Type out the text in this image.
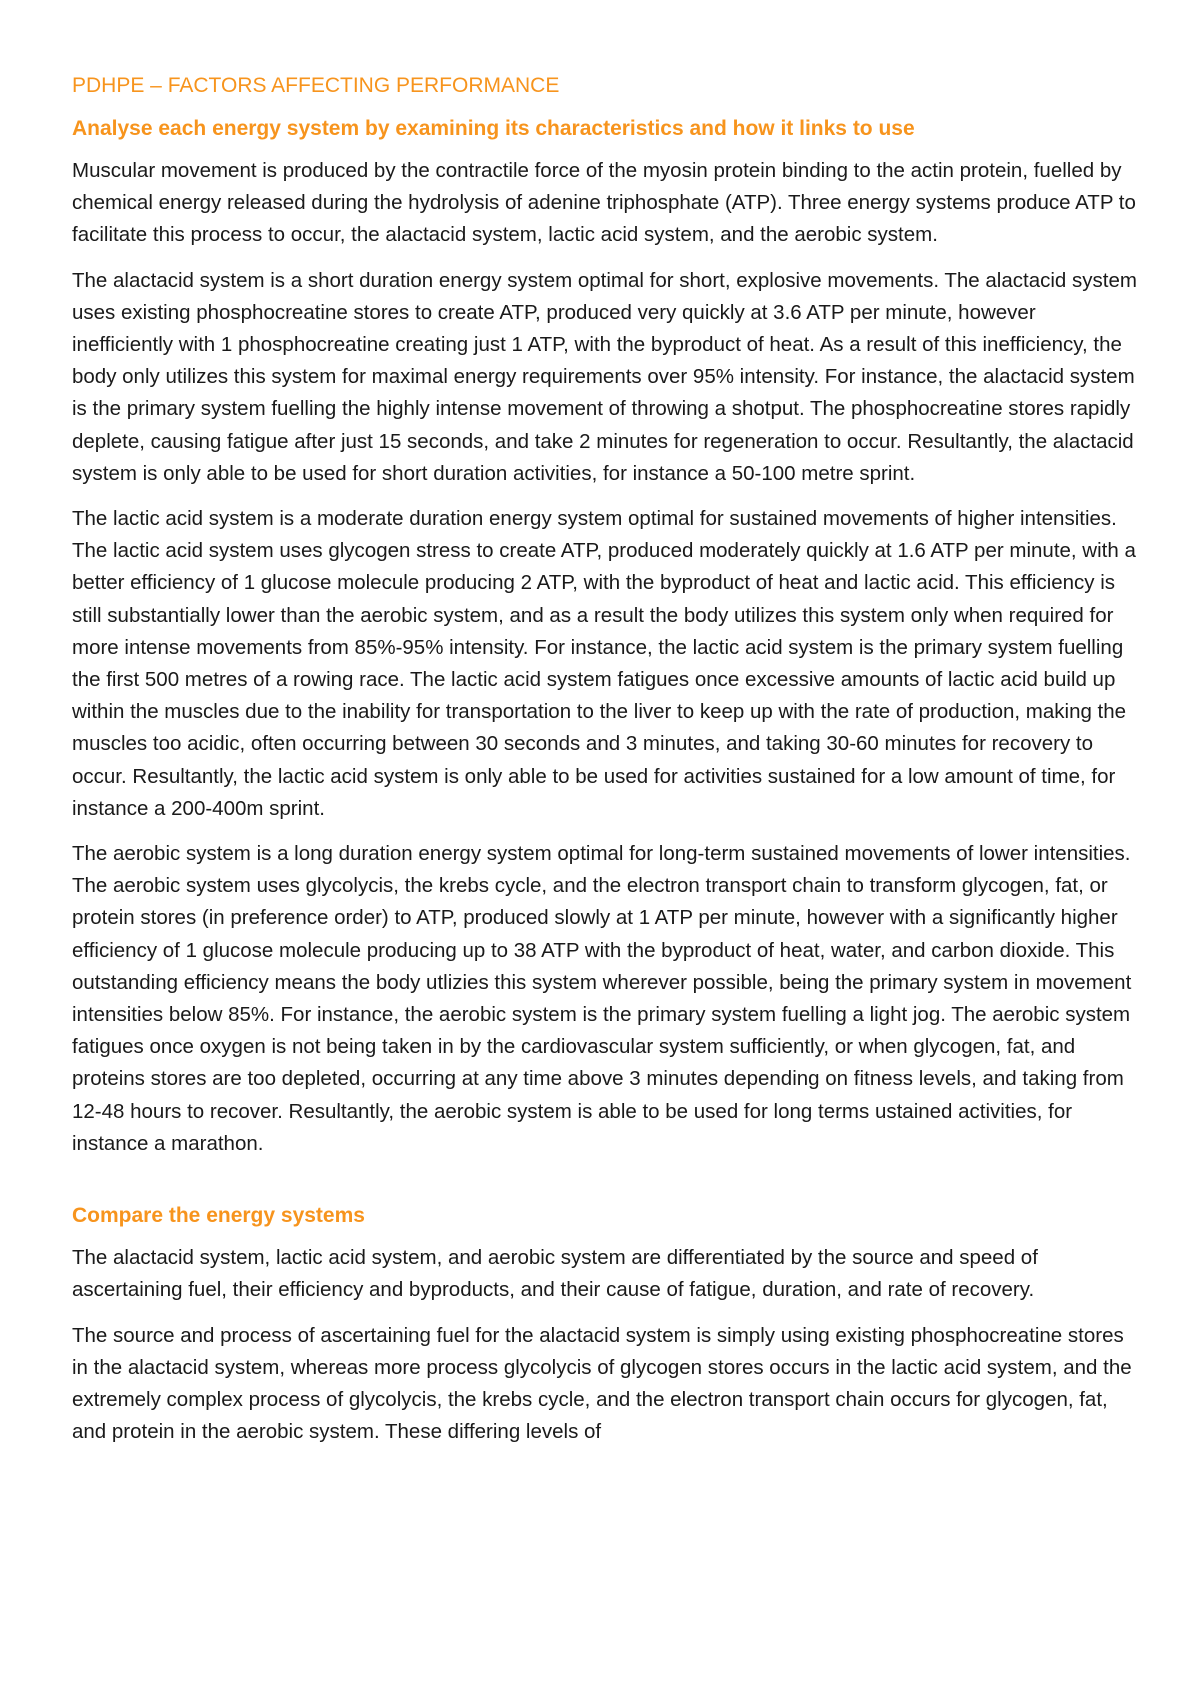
PDHPE – FACTORS AFFECTING PERFORMANCE
Analyse each energy system by examining its characteristics and how it links to use

Muscular movement is produced by the contractile force of the myosin protein binding to the actin protein, fuelled by chemical energy released during the hydrolysis of adenine triphosphate (ATP). Three energy systems produce ATP to facilitate this process to occur, the alactacid system, lactic acid system, and the aerobic system.

The alactacid system is a short duration energy system optimal for short, explosive movements. The alactacid system uses existing phosphocreatine stores to create ATP, produced very quickly at 3.6 ATP per minute, however inefficiently with 1 phosphocreatine creating just 1 ATP, with the byproduct of heat. As a result of this inefficiency, the body only utilizes this system for maximal energy requirements over 95% intensity. For instance, the alactacid system is the primary system fuelling the highly intense movement of throwing a shotput. The phosphocreatine stores rapidly deplete, causing fatigue after just 15 seconds, and take 2 minutes for regeneration to occur. Resultantly, the alactacid system is only able to be used for short duration activities, for instance a 50-100 metre sprint.

The lactic acid system is a moderate duration energy system optimal for sustained movements of higher intensities. The lactic acid system uses glycogen stress to create ATP, produced moderately quickly at 1.6 ATP per minute, with a better efficiency of 1 glucose molecule producing 2 ATP, with the byproduct of heat and lactic acid. This efficiency is still substantially lower than the aerobic system, and as a result the body utilizes this system only when required for more intense movements from 85%-95% intensity. For instance, the lactic acid system is the primary system fuelling the first 500 metres of a rowing race. The lactic acid system fatigues once excessive amounts of lactic acid build up within the muscles due to the inability for transportation to the liver to keep up with the rate of production, making the muscles too acidic, often occurring between 30 seconds and 3 minutes, and taking 30-60 minutes for recovery to occur. Resultantly, the lactic acid system is only able to be used for activities sustained for a low amount of time, for instance a 200-400m sprint.

The aerobic system is a long duration energy system optimal for long-term sustained movements of lower intensities. The aerobic system uses glycolycis, the krebs cycle, and the electron transport chain to transform glycogen, fat, or protein stores (in preference order) to ATP, produced slowly at 1 ATP per minute, however with a significantly higher efficiency of 1 glucose molecule producing up to 38 ATP with the byproduct of heat, water, and carbon dioxide. This outstanding efficiency means the body utlizies this system wherever possible, being the primary system in movement intensities below 85%. For instance, the aerobic system is the primary system fuelling a light jog. The aerobic system fatigues once oxygen is not being taken in by the cardiovascular system sufficiently, or when glycogen, fat, and proteins stores are too depleted, occurring at any time above 3 minutes depending on fitness levels, and taking from 12-48 hours to recover. Resultantly, the aerobic system is able to be used for long terms ustained activities, for instance a marathon.

Compare the energy systems

The alactacid system, lactic acid system, and aerobic system are differentiated by the source and speed of ascertaining fuel, their efficiency and byproducts, and their cause of fatigue, duration, and rate of recovery.

The source and process of ascertaining fuel for the alactacid system is simply using existing phosphocreatine stores in the alactacid system, whereas more process glycolycis of glycogen stores occurs in the lactic acid system, and the extremely complex process of glycolycis, the krebs cycle, and the electron transport chain occurs for glycogen, fat, and protein in the aerobic system. These differing levels of
